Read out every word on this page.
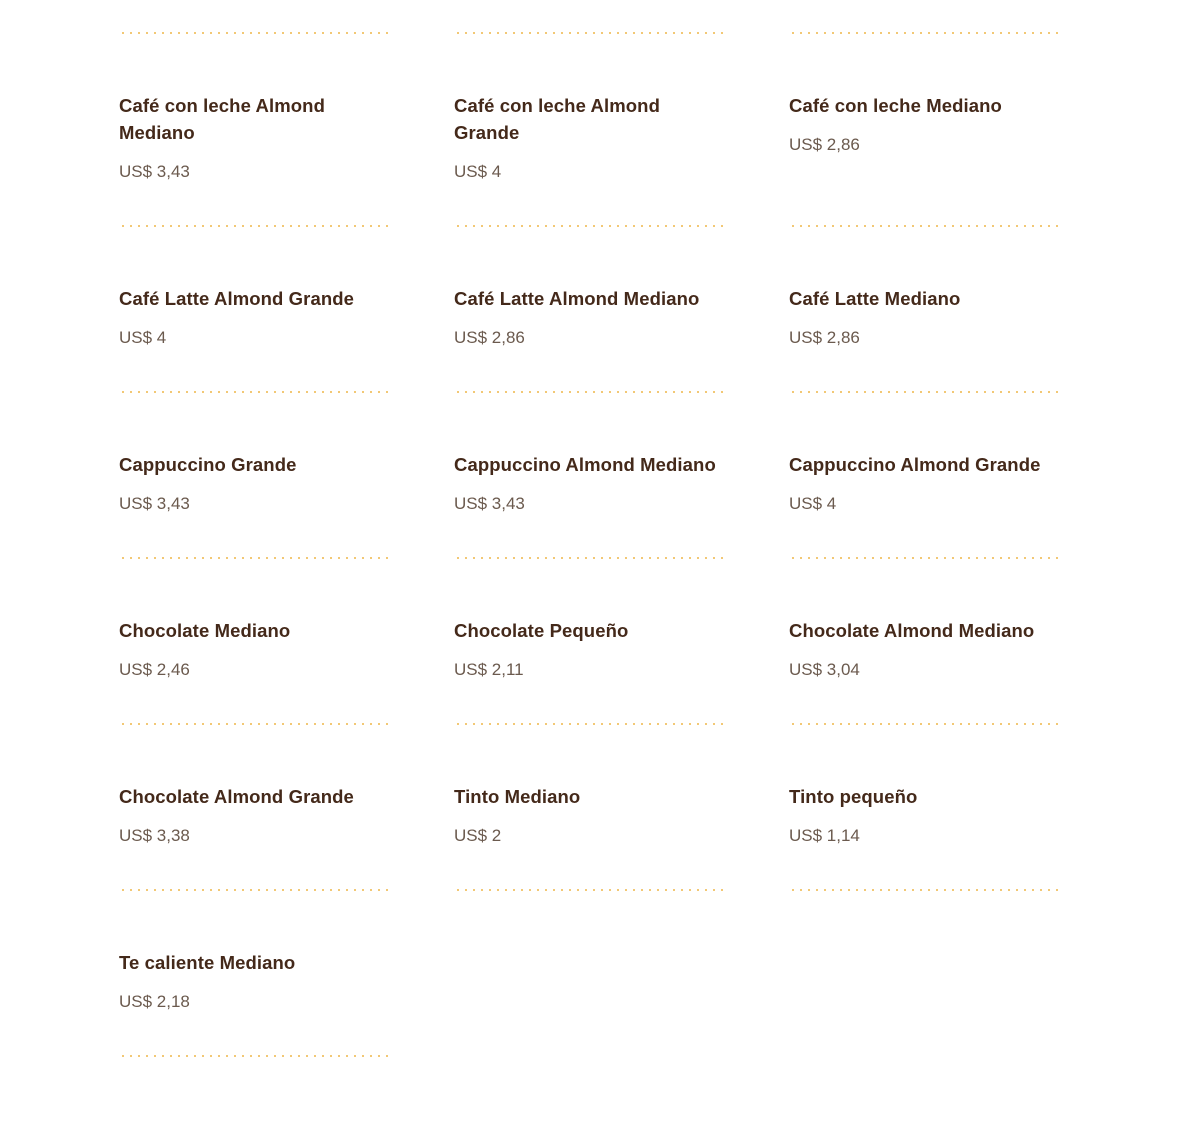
Café con leche Almond Mediano

US$ 3,43

Café con leche Almond Grande

US$ 4

Café con leche Mediano

US$ 2,86

Café Latte Almond Grande

US$ 4

Café Latte Almond Mediano

US$ 2,86

Café Latte Mediano

US$ 2,86

Cappuccino Grande

US$ 3,43

Cappuccino Almond Mediano

US$ 3,43

Cappuccino Almond Grande

US$ 4

Chocolate Mediano

US$ 2,46

Chocolate Pequeño

US$ 2,11

Chocolate Almond Mediano

US$ 3,04

Chocolate Almond Grande

US$ 3,38

Tinto Mediano

US$ 2

Tinto pequeño

US$ 1,14

Te caliente Mediano

US$ 2,18
